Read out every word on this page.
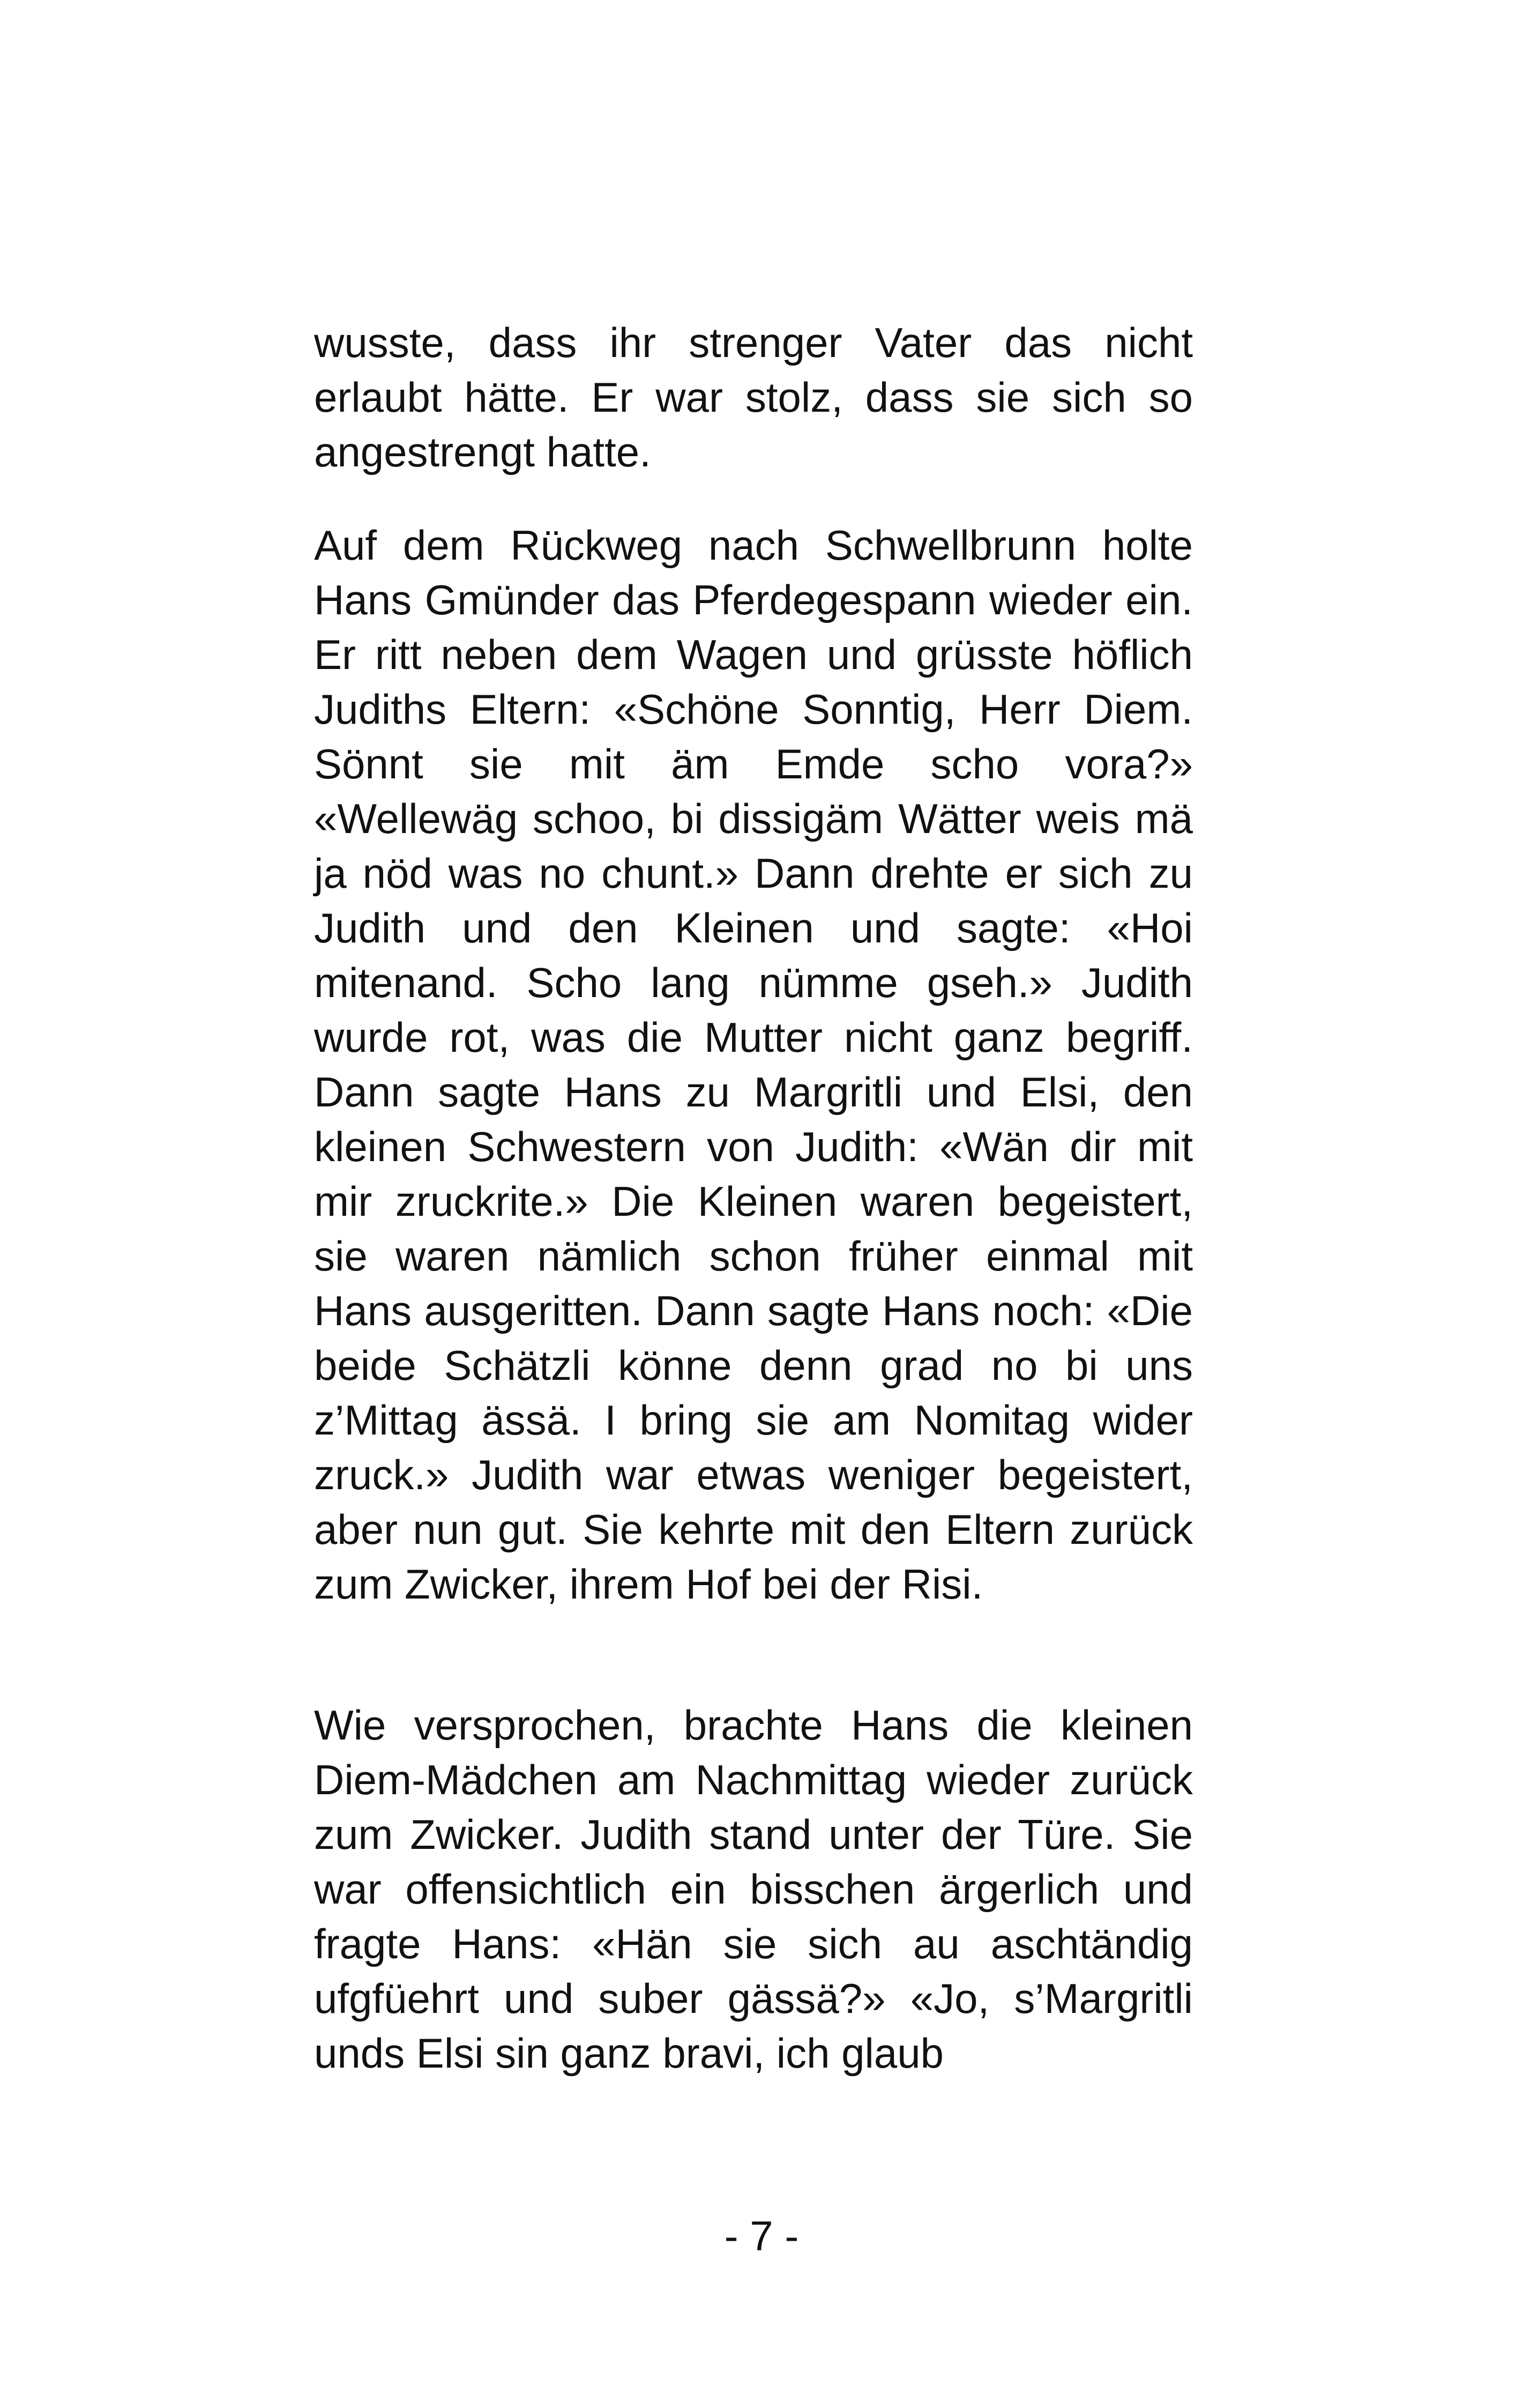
wusste, dass ihr strenger Vater das nicht erlaubt hätte. Er war stolz, dass sie sich so angestrengt hatte.

Auf dem Rückweg nach Schwellbrunn holte Hans Gmünder das Pferdegespann wieder ein. Er ritt neben dem Wagen und grüsste höflich Judiths Eltern: «Schöne Sonntig, Herr Diem. Sönnt sie mit äm Emde scho vora?» «Wellewäg schoo, bi dissigäm Wätter weis mä ja nöd was no chunt.» Dann drehte er sich zu Judith und den Kleinen und sagte: «Hoi mitenand. Scho lang nümme gseh.» Judith wurde rot, was die Mutter nicht ganz begriff. Dann sagte Hans zu Margritli und Elsi, den kleinen Schwestern von Judith: «Wän dir mit mir zruckrite.» Die Kleinen waren begeistert, sie waren nämlich schon früher einmal mit Hans ausgeritten. Dann sagte Hans noch: «Die beide Schätzli könne denn grad no bi uns z’Mittag ässä. I bring sie am Nomitag wider zruck.» Judith war etwas weniger begeistert, aber nun gut. Sie kehrte mit den Eltern zurück zum Zwicker, ihrem Hof bei der Risi.

Wie versprochen, brachte Hans die kleinen Diem-Mädchen am Nachmittag wieder zurück zum Zwicker. Judith stand unter der Türe. Sie war offensichtlich ein bisschen ärgerlich und fragte Hans: «Hän sie sich au aschtändig ufgfüehrt und suber gässä?» «Jo, s’Margritli unds Elsi sin ganz bravi, ich glaub

- 7 -
